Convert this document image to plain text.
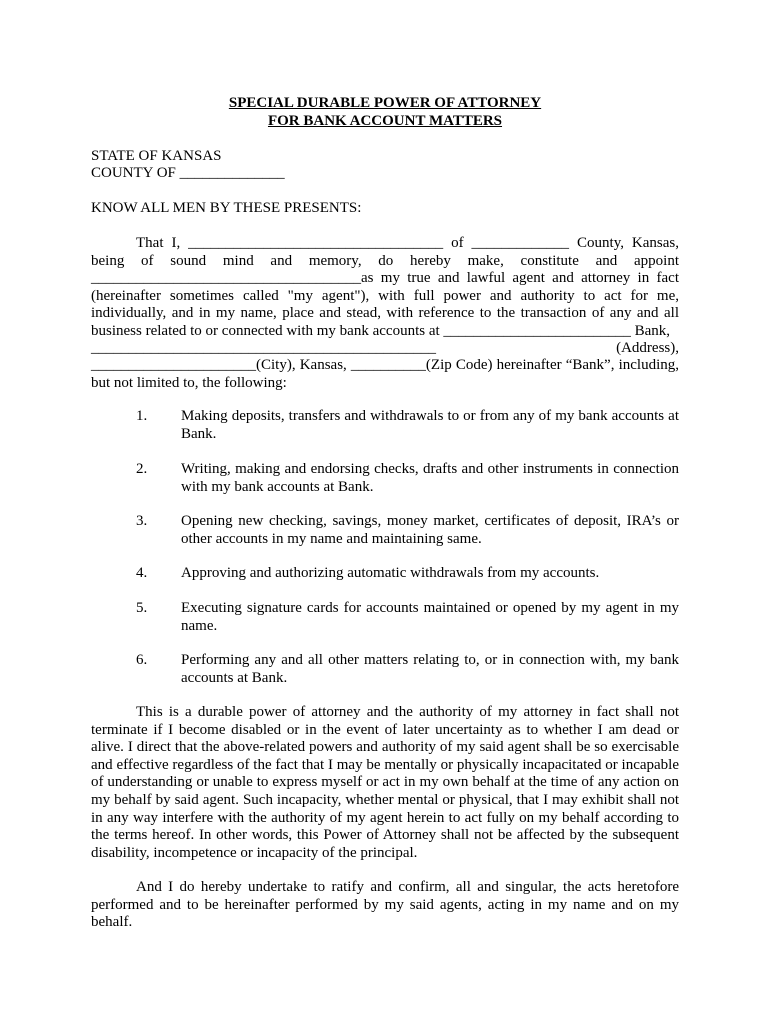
SPECIAL DURABLE POWER OF ATTORNEY
FOR BANK ACCOUNT MATTERS
STATE OF KANSAS
COUNTY OF ______________
KNOW ALL MEN BY THESE PRESENTS:
That I, __________________________________ of _____________ County, Kansas, being of sound mind and memory, do hereby make, constitute and appoint ____________________________________as my true and lawful agent and attorney in fact (hereinafter sometimes called "my agent"), with full power and authority to act for me, individually, and in my name, place and stead, with reference to the transaction of any and all business related to or connected with my bank accounts at _________________________ Bank,
______________________________________________	(Address),
______________________(City), Kansas, __________(Zip Code) hereinafter “Bank”, including, but not limited to, the following:
1. Making deposits, transfers and withdrawals to or from any of my bank accounts at Bank.
2. Writing, making and endorsing checks, drafts and other instruments in connection with my bank accounts at Bank.
3. Opening new checking, savings, money market, certificates of deposit, IRA’s or other accounts in my name and maintaining same.
4. Approving and authorizing automatic withdrawals from my accounts.
5. Executing signature cards for accounts maintained or opened by my agent in my name.
6. Performing any and all other matters relating to, or in connection with, my bank accounts at Bank.
This is a durable power of attorney and the authority of my attorney in fact shall not terminate if I become disabled or in the event of later uncertainty as to whether I am dead or alive. I direct that the above-related powers and authority of my said agent shall be so exercisable and effective regardless of the fact that I may be mentally or physically incapacitated or incapable of understanding or unable to express myself or act in my own behalf at the time of any action on my behalf by said agent. Such incapacity, whether mental or physical, that I may exhibit shall not in any way interfere with the authority of my agent herein to act fully on my behalf according to the terms hereof. In other words, this Power of Attorney shall not be affected by the subsequent disability, incompetence or incapacity of the principal.
And I do hereby undertake to ratify and confirm, all and singular, the acts heretofore performed and to be hereinafter performed by my said agents, acting in my name and on my behalf.
